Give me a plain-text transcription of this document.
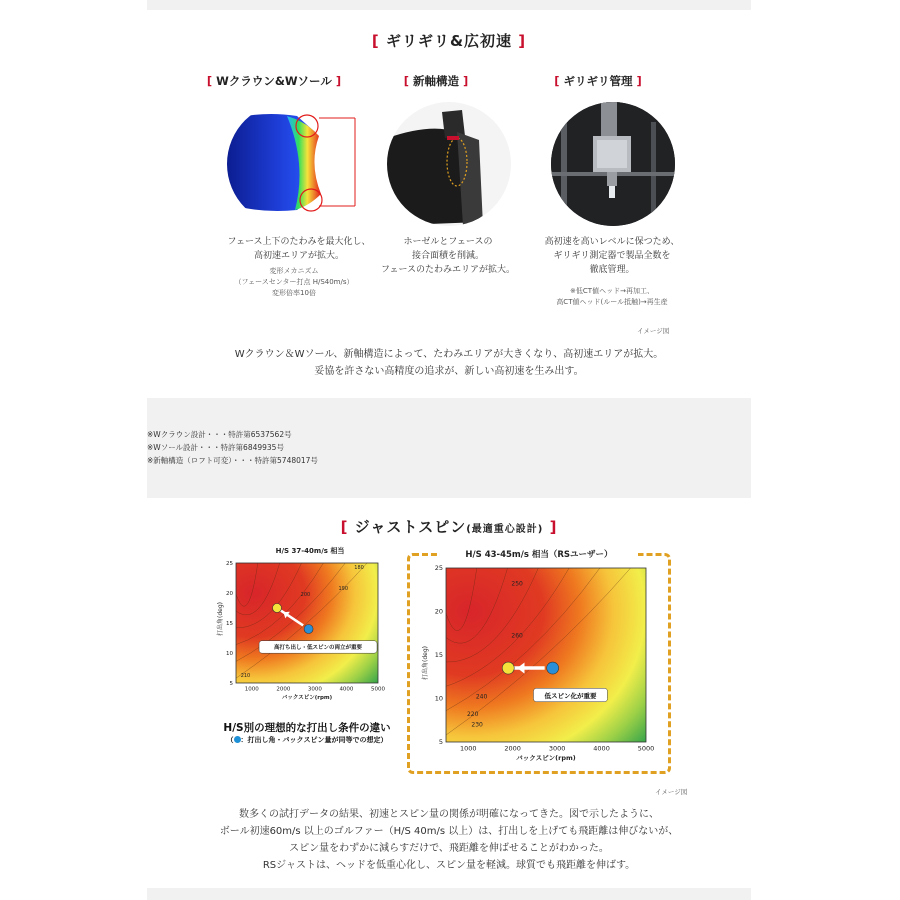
[ ギリギリ&広初速 ]
[ Wクラウン&Wソール ]	[ 新軸構造 ]	[ ギリギリ管理 ]
フェース上下のたわみを最大化し、
高初速エリアが拡大。
変形メカニズム
（フェースセンター打点 H/S40m/s）
変形倍率10倍
ホーゼルとフェースの
接合面積を削減。
フェースのたわみエリアが拡大。
高初速を高いレベルに保つため、
ギリギリ測定器で製品全数を
徹底管理。
※低CT値ヘッド→再加工、
高CT値ヘッド(ルール抵触)→再生産
イメージ図
Wクラウン＆Wソール、新軸構造によって、たわみエリアが大きくなり、高初速エリアが拡大。
妥協を許さない高精度の追求が、新しい高初速を生み出す。
※Wクラウン設計・・・特許第6537562号
※Wソール設計・・・特許第6849935号
※新軸構造（ロフト可変）・・・特許第5748017号
[ ジャストスピン(最適重心設計) ]
H/S 37-40m/s 相当
1000	2000	3000	4000	5000
5
10
15
20
25
バックスピン(rpm)
180
190
200
210
高打ち出し・低スピンの両立が重要
打出角(deg)
H/S別の理想的な打出し条件の違い
（ ：打出し角・バックスピン量が同等での想定）
H/S 43-45m/s 相当（RSユーザー）
1000	2000	3000	4000	5000
5
10
15
20
25
バックスピン(rpm)
220
230
240
250
260
低スピン化が重要
打出角(deg)
イメージ図
数多くの試打データの結果、初速とスピン量の関係が明確になってきた。図で示したように、
ボール初速60m/s 以上のゴルファー（H/S 40m/s 以上）は、打出しを上げても飛距離は伸びないが、
スピン量をわずかに減らすだけで、飛距離を伸ばせることがわかった。
RSジャストは、ヘッドを低重心化し、スピン量を軽減。球質でも飛距離を伸ばす。
